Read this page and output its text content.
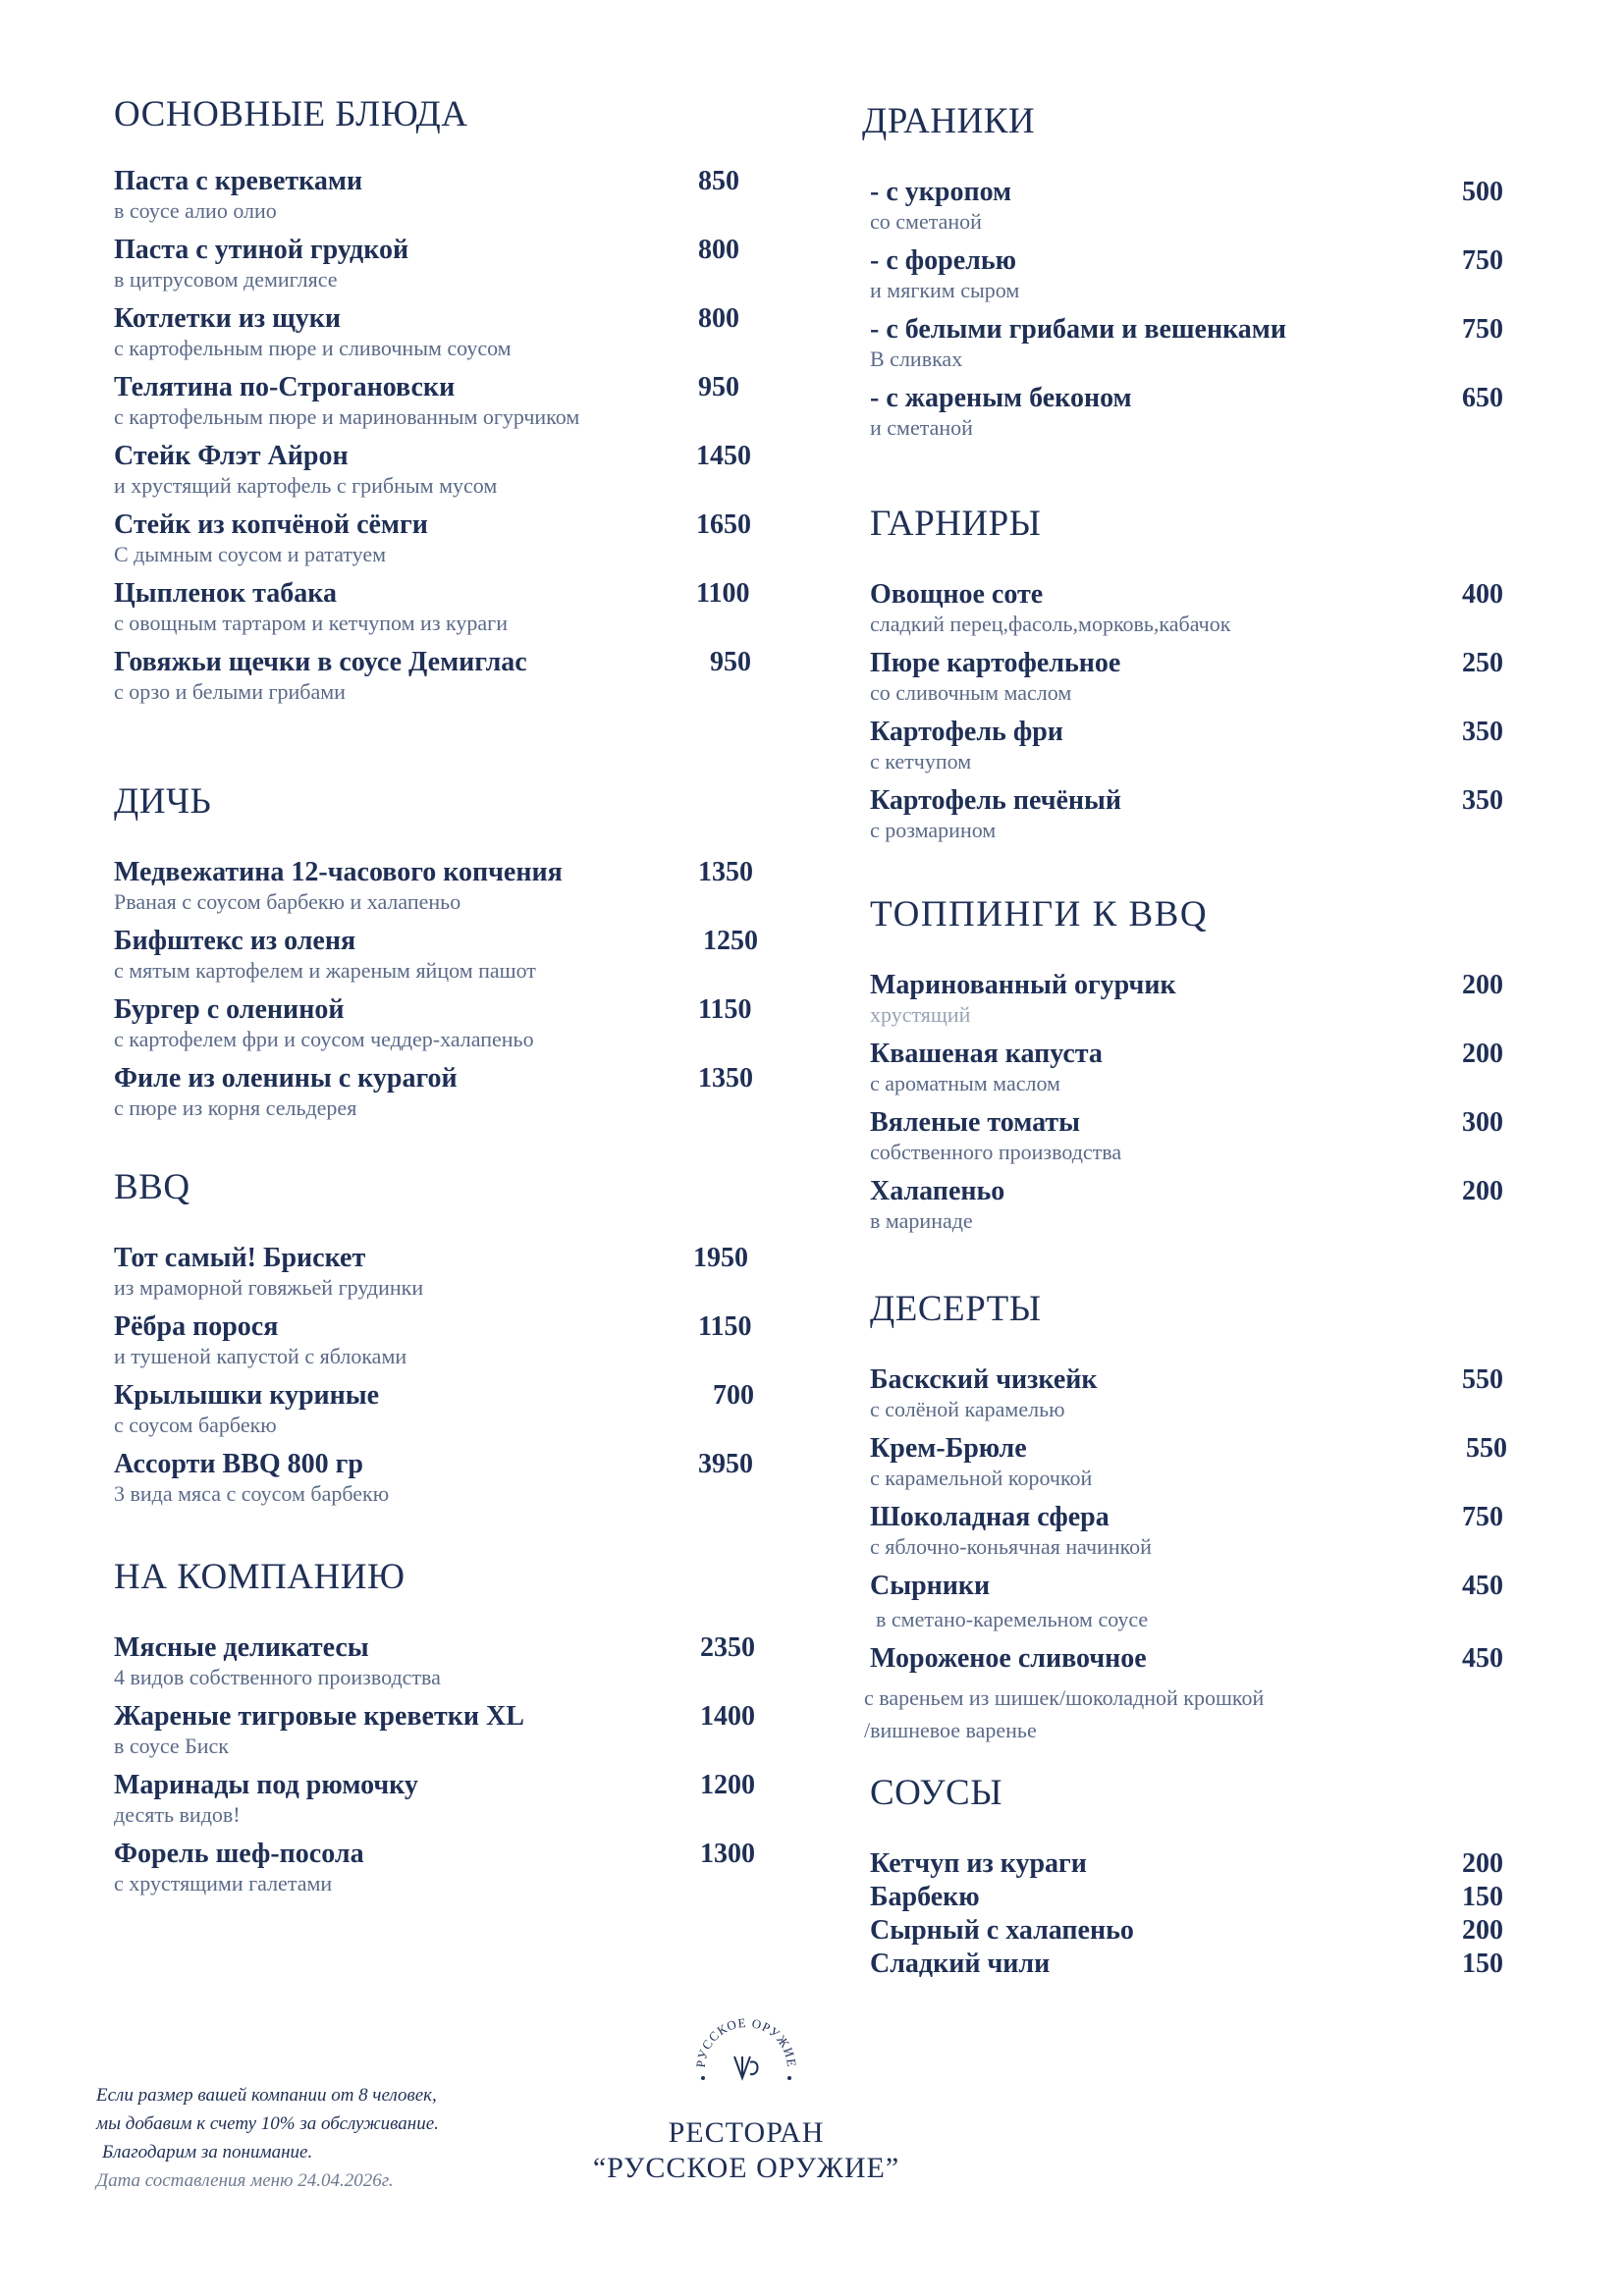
ОСНОВНЫЕ БЛЮДА
Паста с креветками	850
в соусе алио олио
Паста с утиной грудкой	800
в цитрусовом демиглясе
Котлетки из щуки	800
с картофельным пюре и сливочным соусом
Телятина по-Строгановски	950
с картофельным пюре и маринованным огурчиком
Стейк Флэт Айрон	1450
и хрустящий картофель с грибным мусом
Стейк из копчёной сёмги	1650
С дымным соусом и рататуем
Цыпленок табака	1100
с овощным тартаром и кетчупом из кураги
Говяжьи щечки в соусе Демиглас	950
с орзо и белыми грибами
ДИЧЬ
Медвежатина 12-часового копчения	1350
Рваная с соусом барбекю и халапеньо
Бифштекс из оленя	1250
с мятым картофелем и жареным яйцом пашот
Бургер с олениной	1150
с картофелем фри и соусом чеддер-халапеньо
Филе из оленины с курагой	1350
с пюре из корня сельдерея
BBQ
Тот самый! Брискет	1950
из мраморной говяжьей грудинки
Рёбра порося	1150
и тушеной капустой с яблоками
Крылышки куриные	700
с соусом барбекю
Ассорти BBQ 800 гр	3950
3 вида мяса с соусом барбекю
НА КОМПАНИЮ
Мясные деликатесы	2350
4 видов собственного производства
Жареные тигровые креветки XL	1400
в соусе Биск
Маринады под рюмочку	1200
десять видов!
Форель шеф-посола	1300
с хрустящими галетами
ДРАНИКИ
- с укропом	500
со сметаной
- с форелью	750
и мягким сыром
- с белыми грибами и вешенками	750
В сливках
- с жареным беконом	650
и сметаной
ГАРНИРЫ
Овощное соте	400
сладкий перец,фасоль,морковь,кабачок
Пюре картофельное	250
со сливочным маслом
Картофель фри	350
с кетчупом
Картофель печёный	350
с розмарином
ТОППИНГИ К BBQ
Маринованный огурчик	200
хрустящий
Квашеная капуста	200
с ароматным маслом
Вяленые томаты	300
собственного производства
Халапеньо	200
в маринаде
ДЕСЕРТЫ
Баскский чизкейк	550
с солёной карамелью
Крем-Брюле	550
с карамельной корочкой
Шоколадная сфера	750
с яблочно-коньячная начинкой
Сырники	450
в сметано-каремельном соусе
Мороженое сливочное	450
с вареньем из шишек/шоколадной крошкой
/вишневое варенье
СОУСЫ
Кетчуп из кураги	200
Барбекю	150
Сырный с халапеньо	200
Сладкий чили	150
Если размер вашей компании от 8 человек,
мы добавим к счету 10% за обслуживание.
Благодарим за понимание.
Дата составления меню 24.04.2026г.
РУССКОЕ ОРУЖИЕ
РЕСТОРАН
“РУССКОЕ ОРУЖИЕ”
